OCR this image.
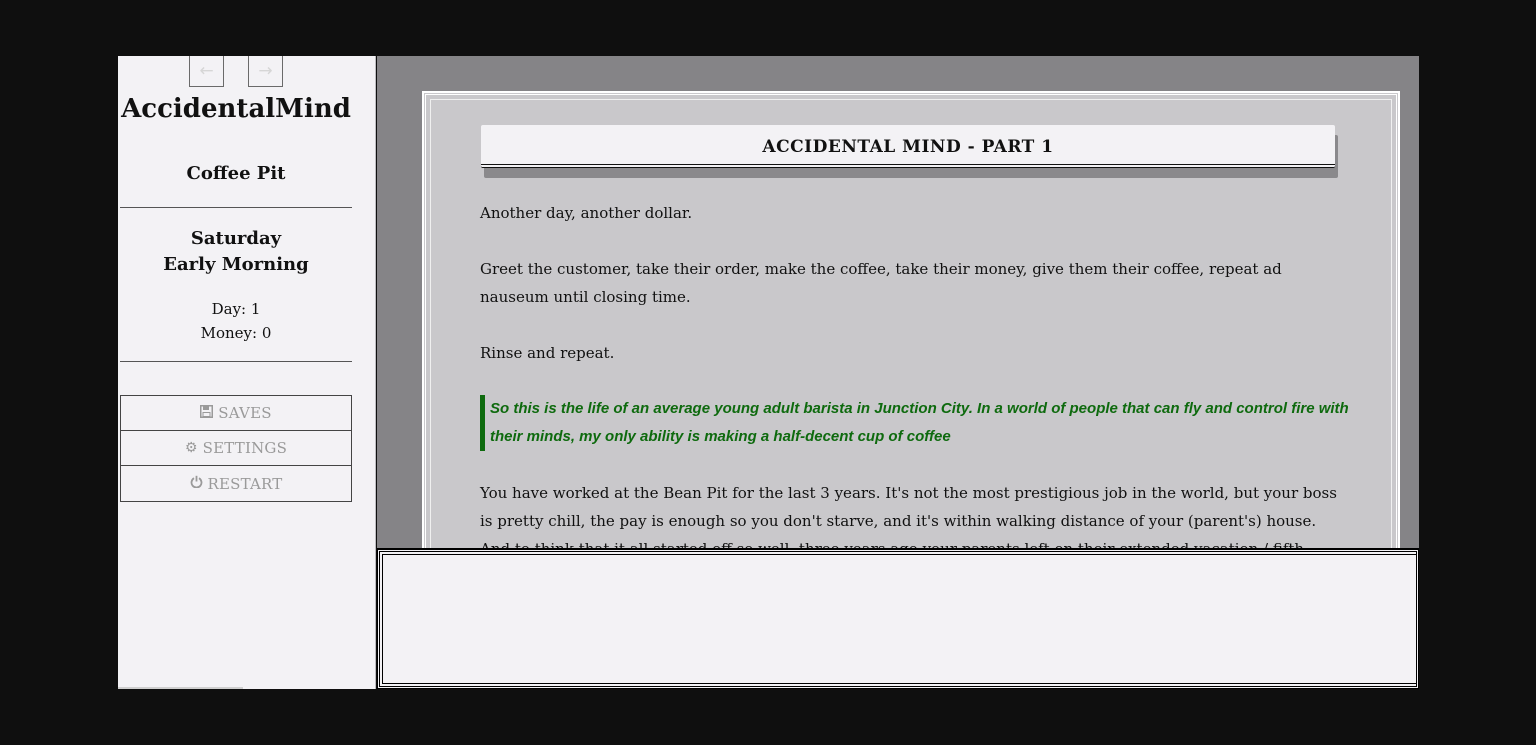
←	→
AccidentalMind
Coffee Pit
Saturday
Early Morning
Day: 1
Money: 0
SAVES
⚙ SETTINGS
RESTART
ACCIDENTAL MIND - PART 1

Another day, another dollar.

Greet the customer, take their order, make the coffee, take their money, give them their coffee, repeat ad nauseum until closing time.

Rinse and repeat.

So this is the life of an average young adult barista in Junction City. In a world of people that can fly and control fire with their minds, my only ability is making a half-decent cup of coffee

You have worked at the Bean Pit for the last 3 years. It's not the most prestigious job in the world, but your boss is pretty chill, the pay is enough so you don't starve, and it's within walking distance of your (parent's) house.
